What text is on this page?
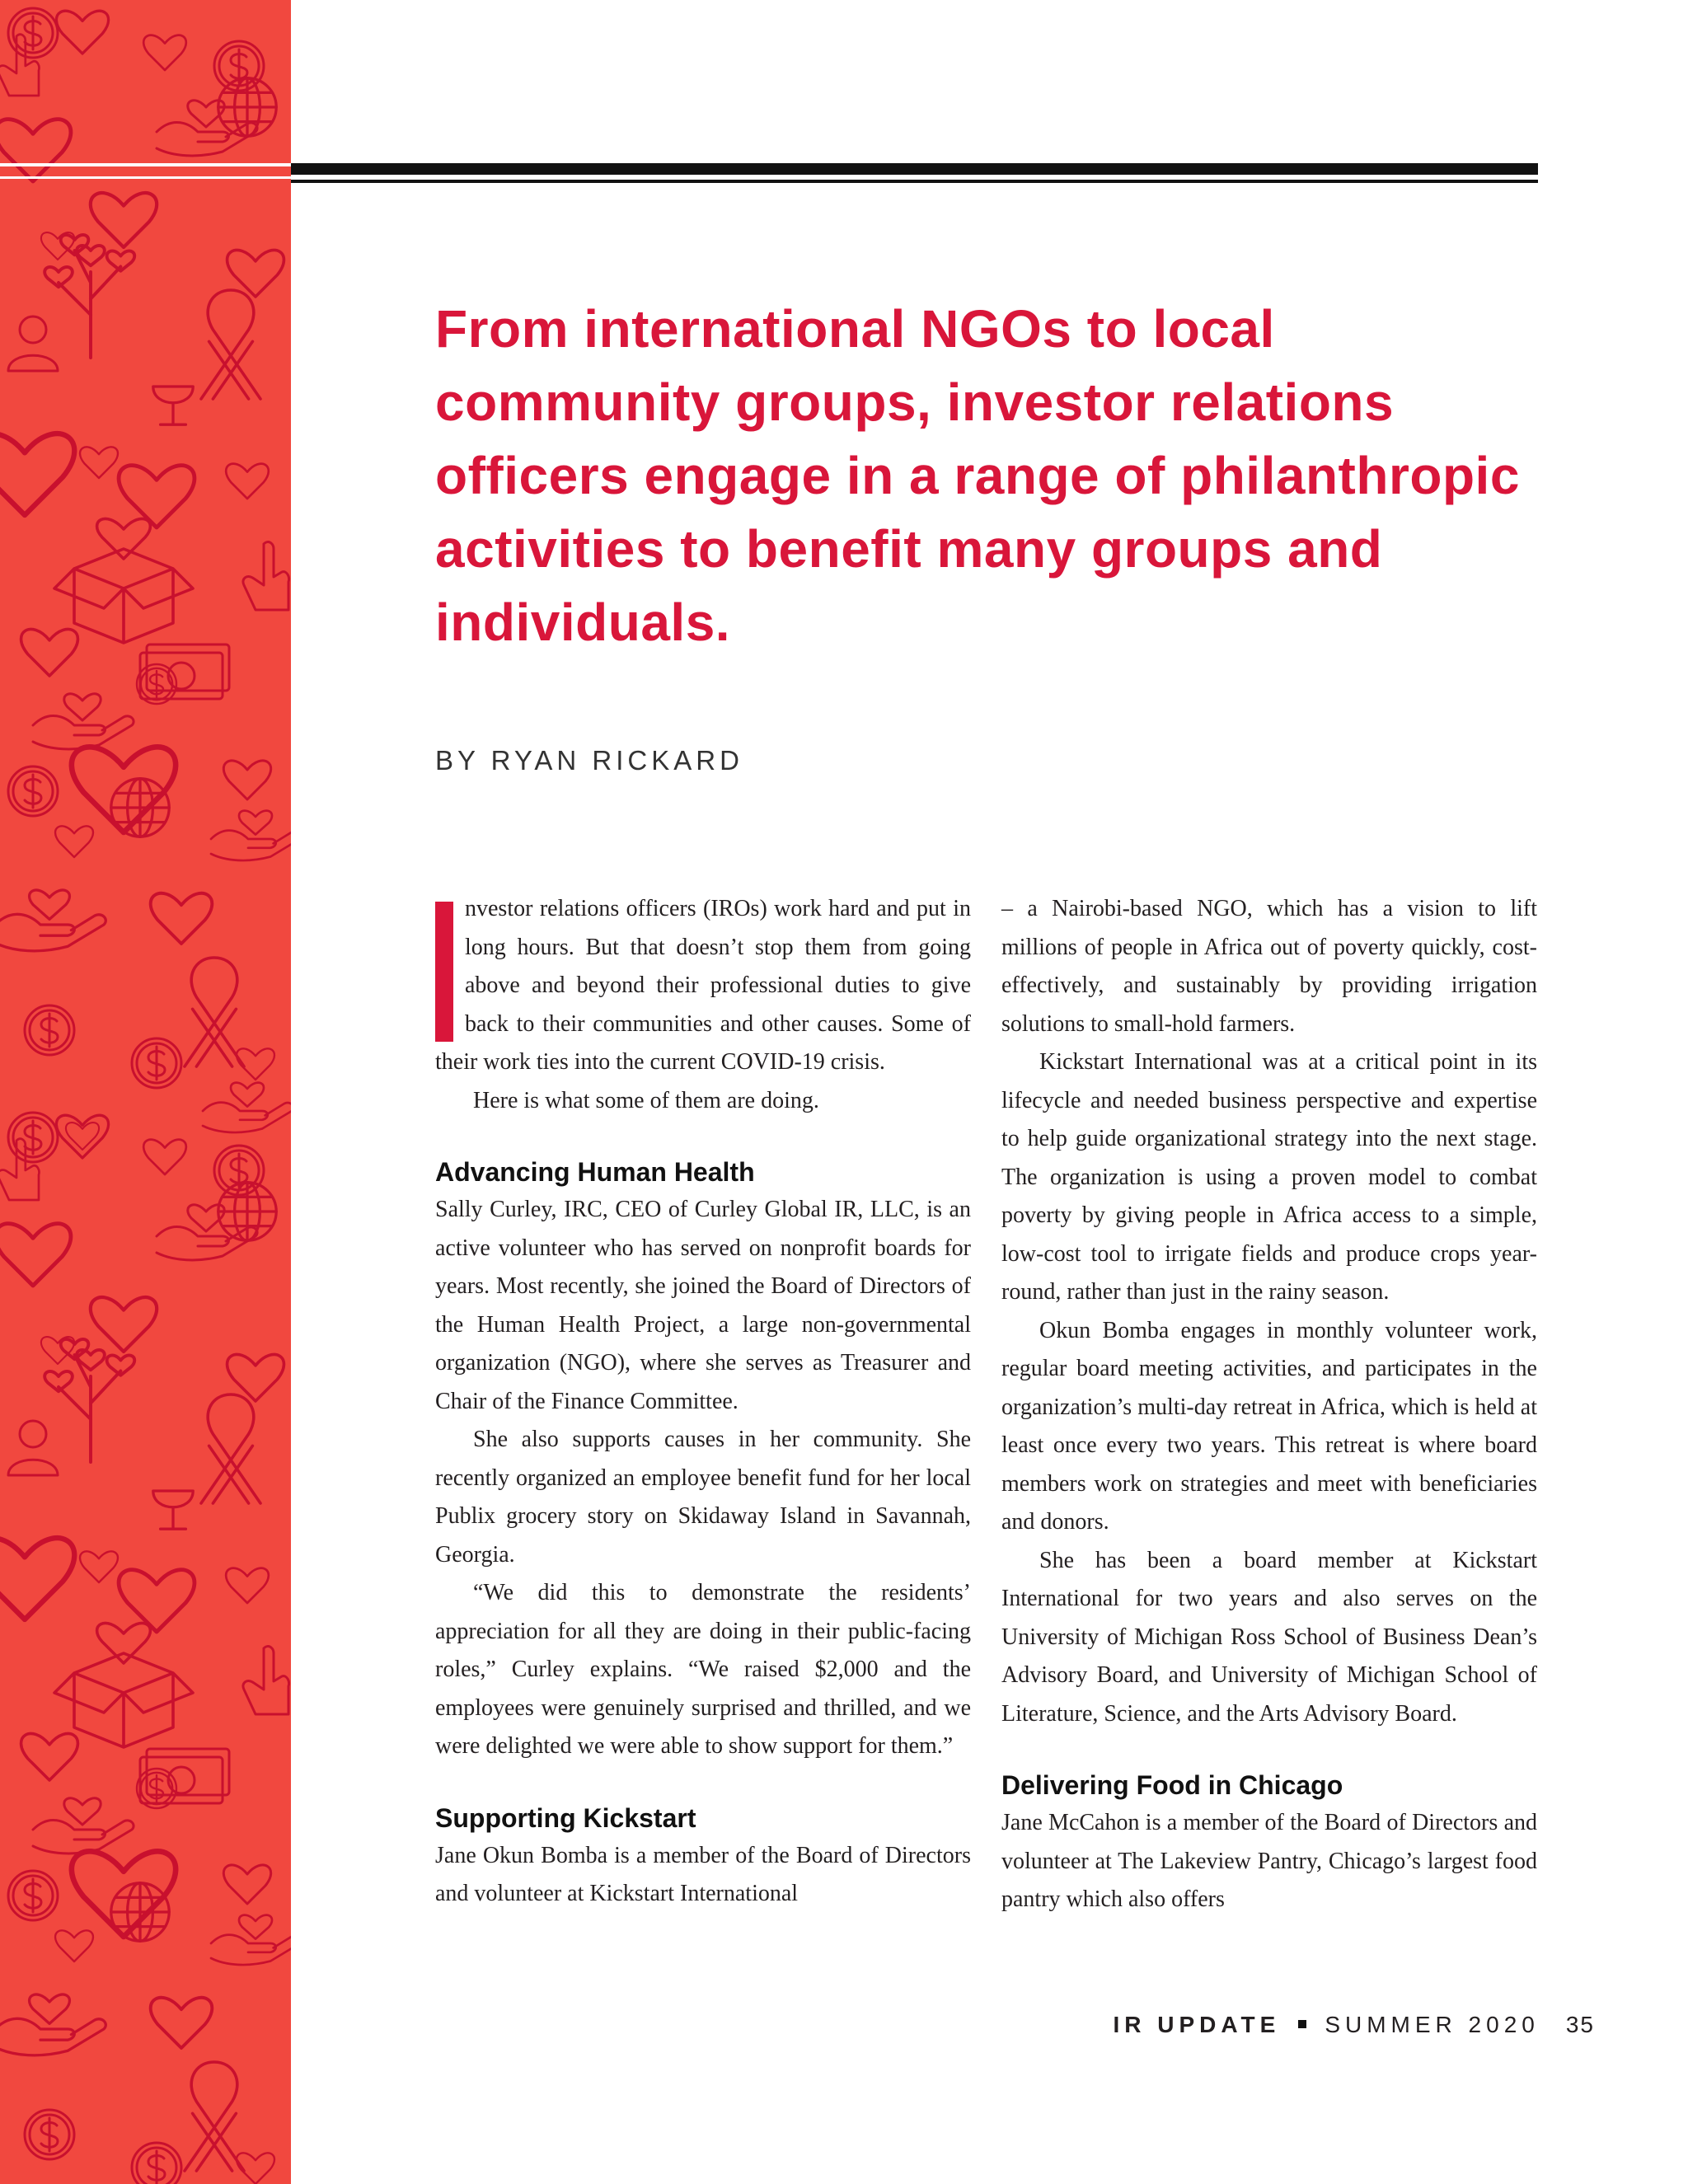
From international NGOs to local community groups, investor relations officers engage in a range of philanthropic activities to benefit many groups and individuals.

BY RYAN RICKARD

nvestor relations officers (IROs) work hard and put in long hours. But that doesn’t stop them from going above and beyond their professional duties to give back to their communities and other causes. Some of their work ties into the current COVID-19 crisis.

Here is what some of them are doing.

Advancing Human Health

Sally Curley, IRC, CEO of Curley Global IR, LLC, is an active volunteer who has served on nonprofit boards for years. Most recently, she joined the Board of Directors of the Human Health Project, a large non-governmental organization (NGO), where she serves as Treasurer and Chair of the Finance Committee.

She also supports causes in her community. She recently organized an employee benefit fund for her local Publix grocery story on Skidaway Island in Savannah, Georgia.

“We did this to demonstrate the residents’ appreciation for all they are doing in their public-facing roles,” Curley explains. “We raised $2,000 and the employees were genuinely surprised and thrilled, and we were delighted we were able to show support for them.”

Supporting Kickstart

Jane Okun Bomba is a member of the Board of Directors and volunteer at Kickstart International

– a Nairobi-based NGO, which has a vision to lift millions of people in Africa out of poverty quickly, cost-effectively, and sustainably by providing irrigation solutions to small-hold farmers.

Kickstart International was at a critical point in its lifecycle and needed business perspective and expertise to help guide organizational strategy into the next stage. The organization is using a proven model to combat poverty by giving people in Africa access to a simple, low-cost tool to irrigate fields and produce crops year-round, rather than just in the rainy season.

Okun Bomba engages in monthly volunteer work, regular board meeting activities, and participates in the organization’s multi-day retreat in Africa, which is held at least once every two years. This retreat is where board members work on strategies and meet with beneficiaries and donors.

She has been a board member at Kickstart International for two years and also serves on the University of Michigan Ross School of Business Dean’s Advisory Board, and University of Michigan School of Literature, Science, and the Arts Advisory Board.

Delivering Food in Chicago

Jane McCahon is a member of the Board of Directors and volunteer at The Lakeview Pantry, Chicago’s largest food pantry which also offers

IR UPDATE SUMMER 2020 35
